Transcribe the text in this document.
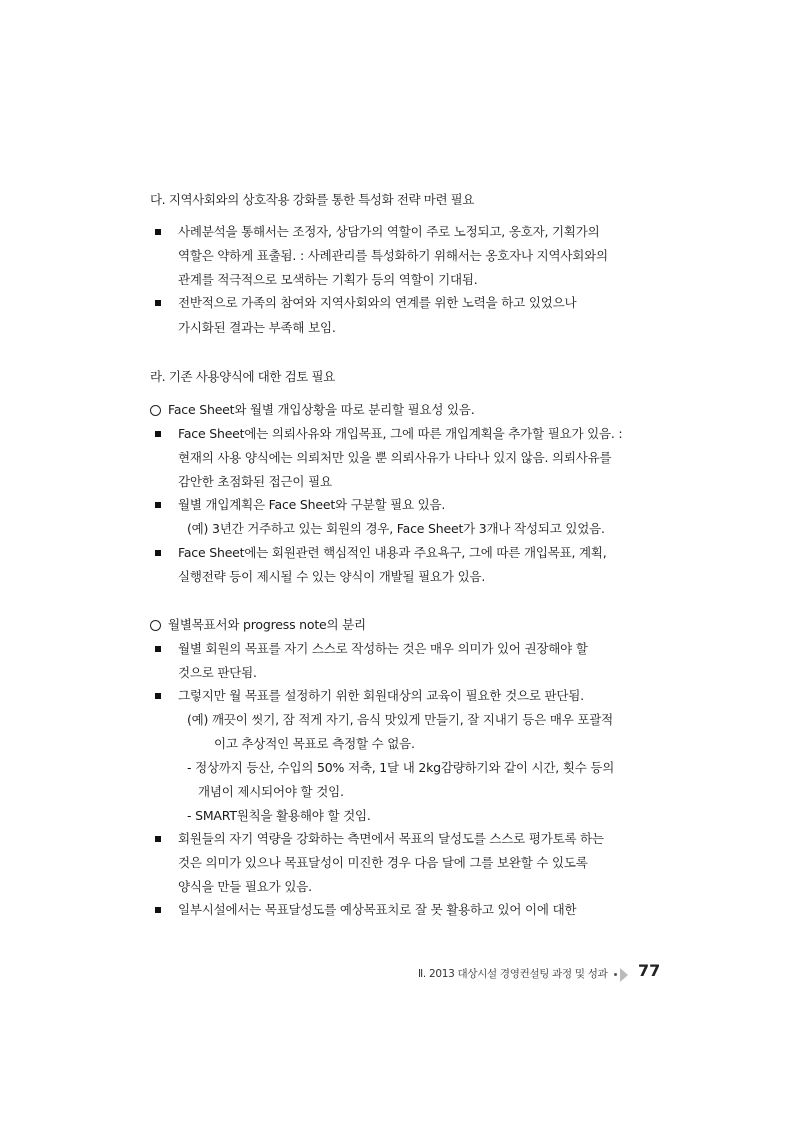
다. 지역사회와의 상호작용 강화를 통한 특성화 전략 마련 필요
사례분석을 통해서는 조정자, 상담가의 역할이 주로 노정되고, 옹호자, 기획가의
역할은 약하게 표출됨. : 사례관리를 특성화하기 위해서는 옹호자나 지역사회와의
관계를 적극적으로 모색하는 기획가 등의 역할이 기대됨.
전반적으로 가족의 참여와 지역사회와의 연계를 위한 노력을 하고 있었으나
가시화된 결과는 부족해 보임.
라. 기존 사용양식에 대한 검토 필요
Face Sheet와 월별 개입상황을 따로 분리할 필요성 있음.
Face Sheet에는 의뢰사유와 개입목표, 그에 따른 개입계획을 추가할 필요가 있음. :
현재의 사용 양식에는 의뢰처만 있을 뿐 의뢰사유가 나타나 있지 않음. 의뢰사유를
감안한 초점화된 접근이 필요
월별 개입계획은 Face Sheet와 구분할 필요 있음.
(예) 3년간 거주하고 있는 회원의 경우, Face Sheet가 3개나 작성되고 있었음.
Face Sheet에는 회원관련 핵심적인 내용과 주요욕구, 그에 따른 개입목표, 계획,
실행전략 등이 제시될 수 있는 양식이 개발될 필요가 있음.
월별목표서와 progress note의 분리
월별 회원의 목표를 자기 스스로 작성하는 것은 매우 의미가 있어 권장해야 할
것으로 판단됨.
그렇지만 월 목표를 설정하기 위한 회원대상의 교육이 필요한 것으로 판단됨.
(예) 깨끗이 씻기, 잠 적게 자기, 음식 맛있게 만들기, 잘 지내기 등은 매우 포괄적
이고 추상적인 목표로 측정할 수 없음.
- 정상까지 등산, 수입의 50% 저축, 1달 내 2kg감량하기와 같이 시간, 횟수 등의
개념이 제시되어야 할 것임.
- SMART원칙을 활용해야 할 것임.
회원들의 자기 역량을 강화하는 측면에서 목표의 달성도를 스스로 평가토록 하는
것은 의미가 있으나 목표달성이 미진한 경우 다음 달에 그를 보완할 수 있도록
양식을 만들 필요가 있음.
일부시설에서는 목표달성도를 예상목표치로 잘 못 활용하고 있어 이에 대한
Ⅱ. 2013 대상시설 경영컨설팅 과정 및 성과 77
